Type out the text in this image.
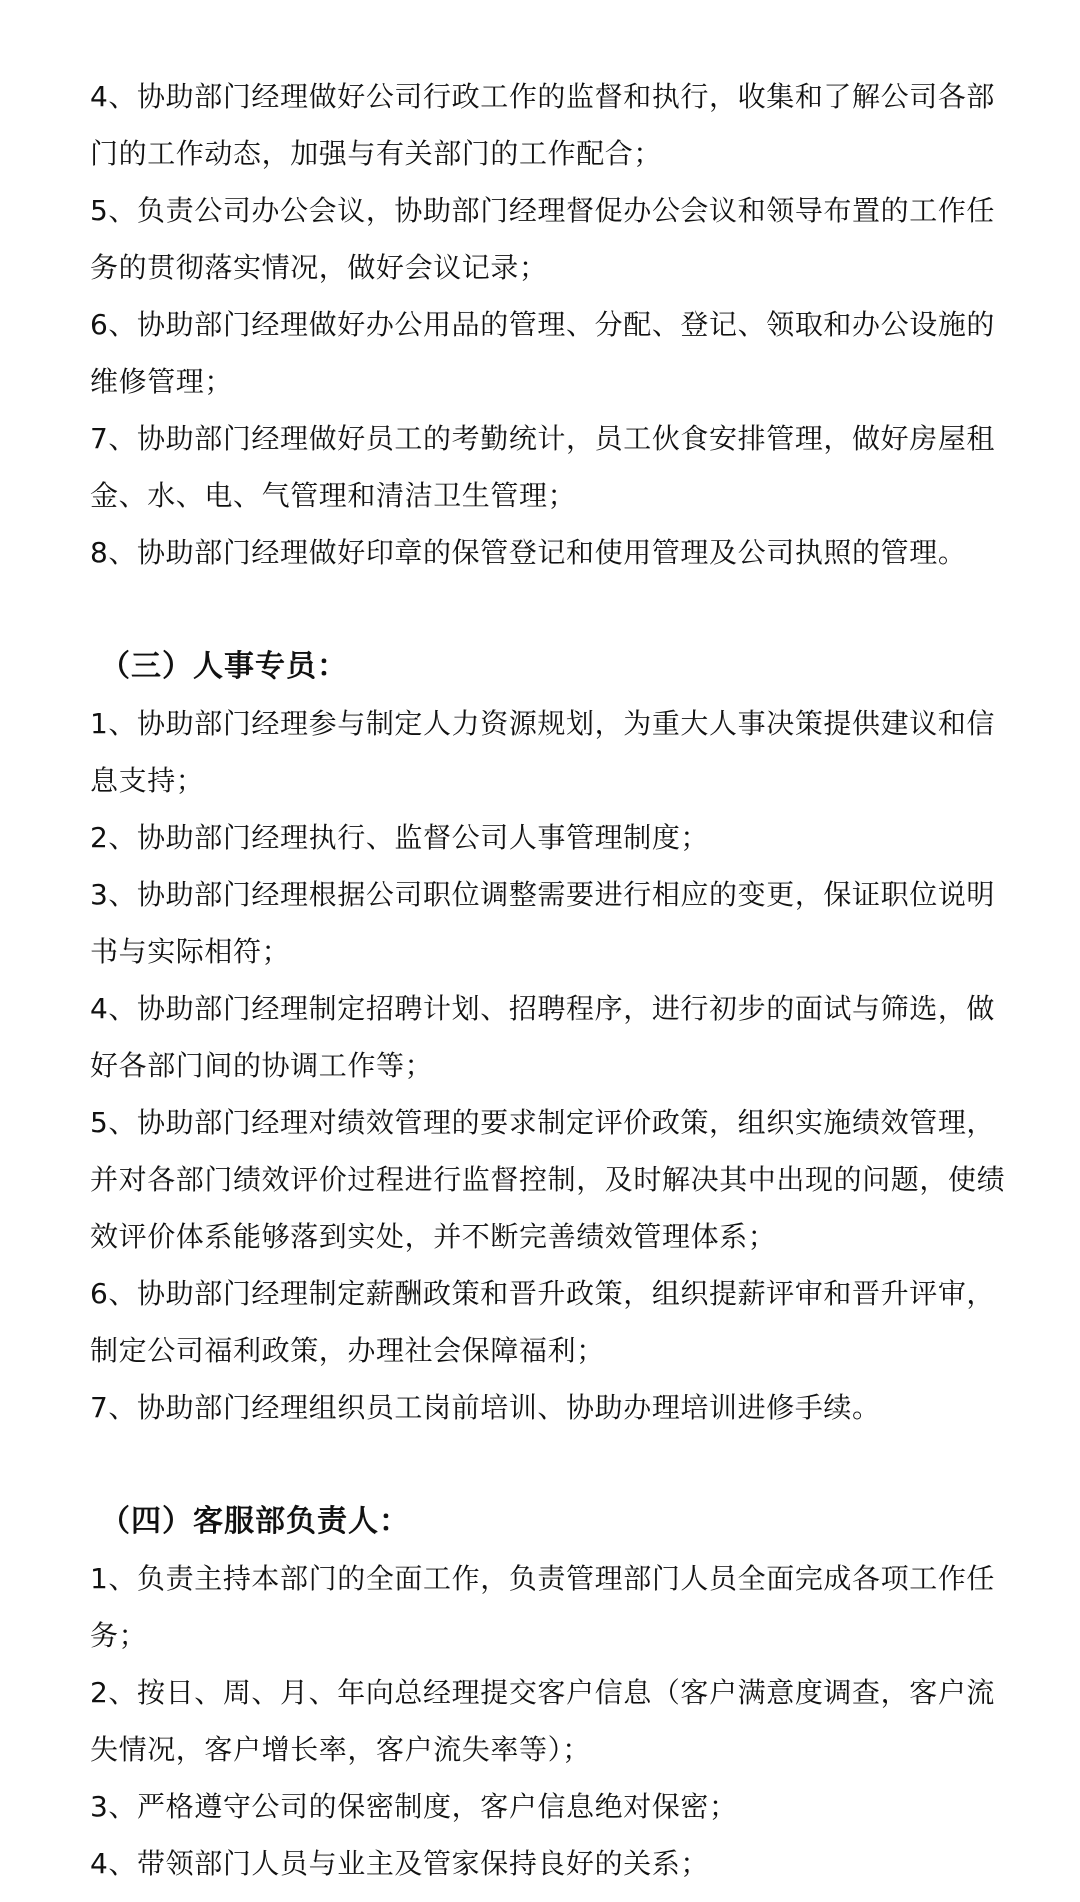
4、协助部门经理做好公司行政工作的监督和执行，收集和了解公司各部门的工作动态，加强与有关部门的工作配合；

5、负责公司办公会议，协助部门经理督促办公会议和领导布置的工作任务的贯彻落实情况，做好会议记录；

6、协助部门经理做好办公用品的管理、分配、登记、领取和办公设施的维修管理；

7、协助部门经理做好员工的考勤统计，员工伙食安排管理，做好房屋租金、水、电、气管理和清洁卫生管理；

8、协助部门经理做好印章的保管登记和使用管理及公司执照的管理。

（三）人事专员：

1、协助部门经理参与制定人力资源规划，为重大人事决策提供建议和信息支持；

2、协助部门经理执行、监督公司人事管理制度；

3、协助部门经理根据公司职位调整需要进行相应的变更，保证职位说明书与实际相符；

4、协助部门经理制定招聘计划、招聘程序，进行初步的面试与筛选，做好各部门间的协调工作等；

5、协助部门经理对绩效管理的要求制定评价政策，组织实施绩效管理，并对各部门绩效评价过程进行监督控制，及时解决其中出现的问题，使绩效评价体系能够落到实处，并不断完善绩效管理体系；

6、协助部门经理制定薪酬政策和晋升政策，组织提薪评审和晋升评审，制定公司福利政策，办理社会保障福利；

7、协助部门经理组织员工岗前培训、协助办理培训进修手续。

（四）客服部负责人：

1、负责主持本部门的全面工作，负责管理部门人员全面完成各项工作任务；

2、按日、周、月、年向总经理提交客户信息（客户满意度调查，客户流失情况，客户增长率，客户流失率等）；

3、严格遵守公司的保密制度，客户信息绝对保密；

4、带领部门人员与业主及管家保持良好的关系；
